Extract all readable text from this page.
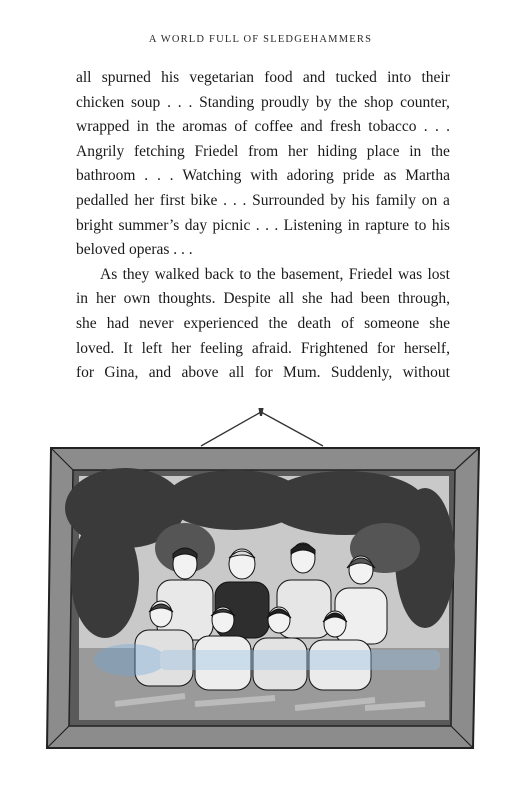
A WORLD FULL OF SLEDGEHAMMERS
all spurned his vegetarian food and tucked into their
chicken soup . . . Standing proudly by the shop counter,
wrapped in the aromas of coffee and fresh tobacco . . .
Angrily fetching Friedel from her hiding place in the
bathroom . . . Watching with adoring pride as Martha
pedalled her first bike . . . Surrounded by his family on a
bright summer’s day picnic . . . Listening in rapture to his
beloved operas . . .
As they walked back to the basement, Friedel was lost
in her own thoughts. Despite all she had been through,
she had never experienced the death of someone she
loved. It left her feeling afraid. Frightened for herself,
for Gina, and above all for Mum. Suddenly, without
